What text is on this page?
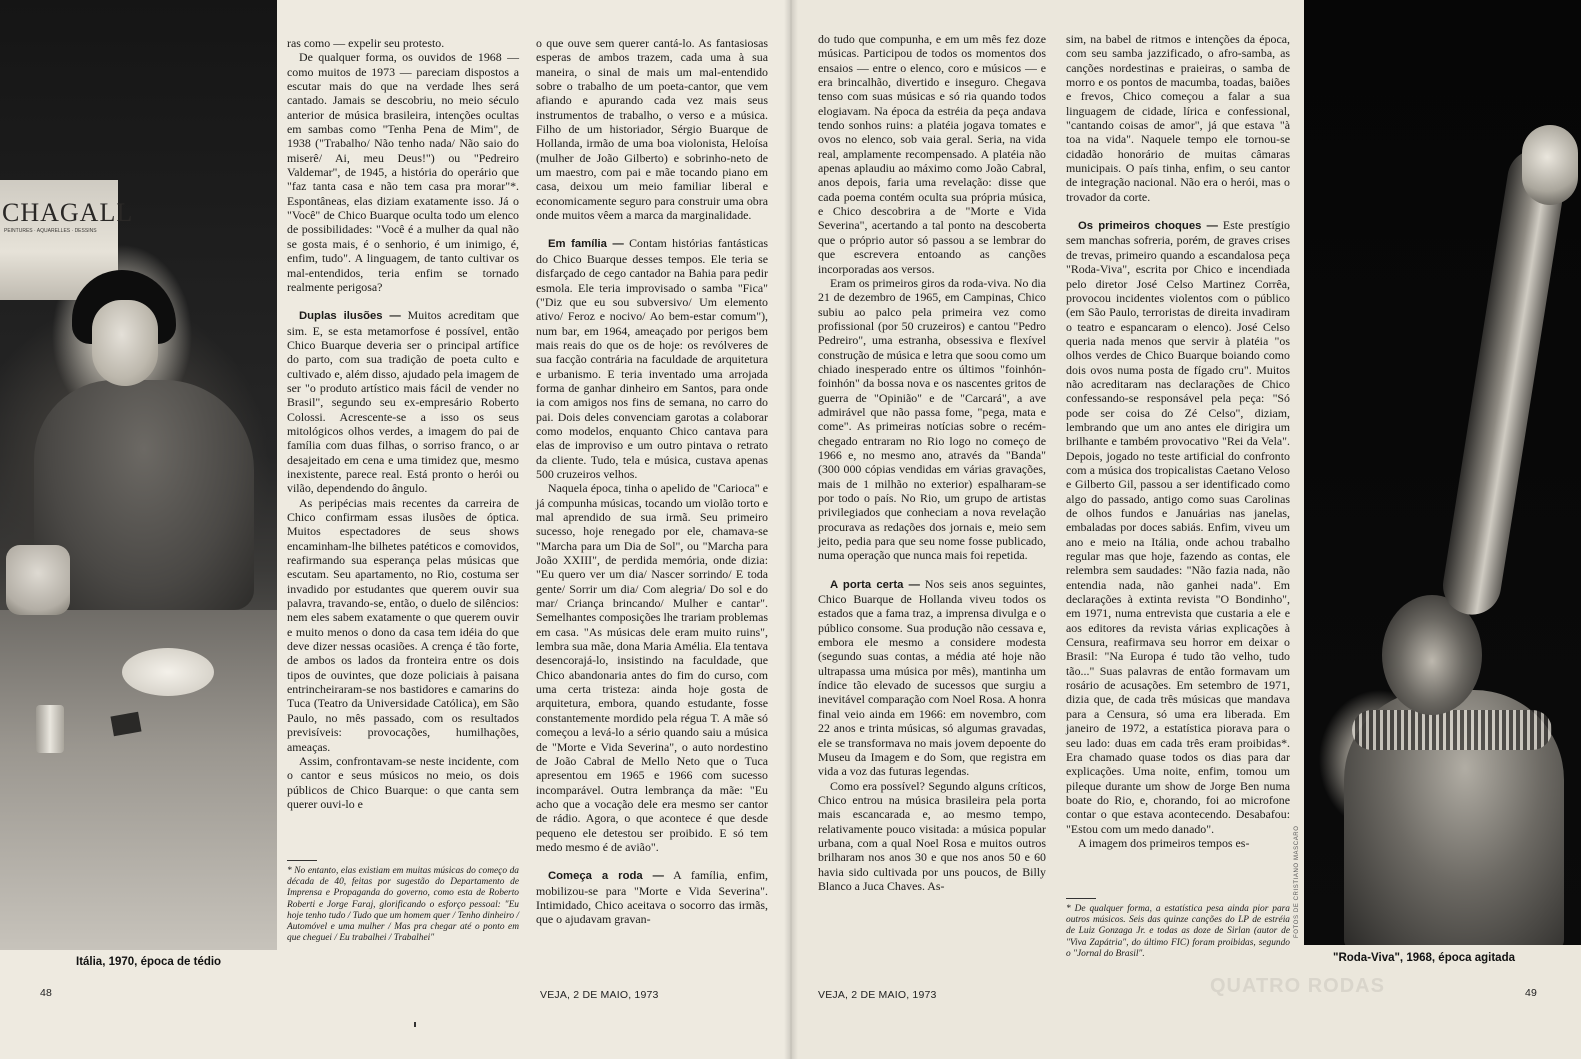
CHAGALL
PEINTURES · AQUARELLES · DESSINS
Itália, 1970, época de tédio
FOTOS DE CRISTIANO MASCARO
"Roda-Viva", 1968, época agitada

ras como — expelir seu protesto.

De qualquer forma, os ouvidos de 1968 — como muitos de 1973 — pareciam dispostos a escutar mais do que na verdade lhes será cantado. Jamais se descobriu, no meio século anterior de música brasileira, intenções ocultas em sambas como "Tenha Pena de Mim", de 1938 ("Trabalho/ Não tenho nada/ Não saio do miserê/ Ai, meu Deus!") ou "Pedreiro Valdemar", de 1945, a história do operário que "faz tanta casa e não tem casa pra morar"*. Espontâneas, elas diziam exatamente isso. Já o "Você" de Chico Buarque oculta todo um elenco de possibilidades: "Você é a mulher da qual não se gosta mais, é o senhorio, é um inimigo, é, enfim, tudo". A linguagem, de tanto cultivar os mal-entendidos, teria enfim se tornado realmente perigosa?

Duplas ilusões — Muitos acreditam que sim. E, se esta metamorfose é possível, então Chico Buarque deveria ser o principal artífice do parto, com sua tradição de poeta culto e cultivado e, além disso, ajudado pela imagem de ser "o produto artístico mais fácil de vender no Brasil", segundo seu ex-empresário Roberto Colossi. Acrescente-se a isso os seus mitológicos olhos verdes, a imagem do pai de família com duas filhas, o sorriso franco, o ar desajeitado em cena e uma timidez que, mesmo inexistente, parece real. Está pronto o herói ou vilão, dependendo do ângulo.

As peripécias mais recentes da carreira de Chico confirmam essas ilusões de óptica. Muitos espectadores de seus shows encaminham-lhe bilhetes patéticos e comovidos, reafirmando sua esperança pelas músicas que escutam. Seu apartamento, no Rio, costuma ser invadido por estudantes que querem ouvir sua palavra, travando-se, então, o duelo de silêncios: nem eles sabem exatamente o que querem ouvir e muito menos o dono da casa tem idéia do que deve dizer nessas ocasiões. A crença é tão forte, de ambos os lados da fronteira entre os dois tipos de ouvintes, que doze policiais à paisana entrincheiraram-se nos bastidores e camarins do Tuca (Teatro da Universidade Católica), em São Paulo, no mês passado, com os resultados previsíveis: provocações, humilhações, ameaças.

Assim, confrontavam-se neste incidente, com o cantor e seus músicos no meio, os dois públicos de Chico Buarque: o que canta sem querer ouvi-lo e

* No entanto, elas existiam em muitas músicas do começo da década de 40, feitas por sugestão do Departamento de Imprensa e Propaganda do governo, como esta de Roberto Roberti e Jorge Faraj, glorificando o esforço pessoal: "Eu hoje tenho tudo / Tudo que um homem quer / Tenho dinheiro / Automóvel e uma mulher / Mas pra chegar até o ponto em que cheguei / Eu trabalhei / Trabalhei"

o que ouve sem querer cantá-lo. As fantasiosas esperas de ambos trazem, cada uma à sua maneira, o sinal de mais um mal-entendido sobre o trabalho de um poeta-cantor, que vem afiando e apurando cada vez mais seus instrumentos de trabalho, o verso e a música. Filho de um historiador, Sérgio Buarque de Hollanda, irmão de uma boa violonista, Heloísa (mulher de João Gilberto) e sobrinho-neto de um maestro, com pai e mãe tocando piano em casa, deixou um meio familiar liberal e economicamente seguro para construir uma obra onde muitos vêem a marca da marginalidade.

Em família — Contam histórias fantásticas do Chico Buarque desses tempos. Ele teria se disfarçado de cego cantador na Bahia para pedir esmola. Ele teria improvisado o samba "Fica" ("Diz que eu sou subversivo/ Um elemento ativo/ Feroz e nocivo/ Ao bem-estar comum"), num bar, em 1964, ameaçado por perigos bem mais reais do que os de hoje: os revólveres de sua facção contrária na faculdade de arquitetura e urbanismo. E teria inventado uma arrojada forma de ganhar dinheiro em Santos, para onde ia com amigos nos fins de semana, no carro do pai. Dois deles convenciam garotas a colaborar como modelos, enquanto Chico cantava para elas de improviso e um outro pintava o retrato da cliente. Tudo, tela e música, custava apenas 500 cruzeiros velhos.

Naquela época, tinha o apelido de "Carioca" e já compunha músicas, tocando um violão torto e mal aprendido de sua irmã. Seu primeiro sucesso, hoje renegado por ele, chamava-se "Marcha para um Dia de Sol", ou "Marcha para João XXIII", de perdida memória, onde dizia: "Eu quero ver um dia/ Nascer sorrindo/ E toda gente/ Sorrir um dia/ Com alegria/ Do sol e do mar/ Criança brincando/ Mulher e cantar". Semelhantes composições lhe trariam problemas em casa. "As músicas dele eram muito ruins", lembra sua mãe, dona Maria Amélia. Ela tentava desencorajá-lo, insistindo na faculdade, que Chico abandonaria antes do fim do curso, com uma certa tristeza: ainda hoje gosta de arquitetura, embora, quando estudante, fosse constantemente mordido pela régua T. A mãe só começou a levá-lo a sério quando saiu a música de "Morte e Vida Severina", o auto nordestino de João Cabral de Mello Neto que o Tuca apresentou em 1965 e 1966 com sucesso incomparável. Outra lembrança da mãe: "Eu acho que a vocação dele era mesmo ser cantor de rádio. Agora, o que acontece é que desde pequeno ele detestou ser proibido. E só tem medo mesmo é de avião".

Começa a roda — A família, enfim, mobilizou-se para "Morte e Vida Severina". Intimidado, Chico aceitava o socorro das irmãs, que o ajudavam gravan-

do tudo que compunha, e em um mês fez doze músicas. Participou de todos os momentos dos ensaios — entre o elenco, coro e músicos — e era brincalhão, divertido e inseguro. Chegava tenso com suas músicas e só ria quando todos elogiavam. Na época da estréia da peça andava tendo sonhos ruins: a platéia jogava tomates e ovos no elenco, sob vaia geral. Seria, na vida real, amplamente recompensado. A platéia não apenas aplaudiu ao máximo como João Cabral, anos depois, faria uma revelação: disse que cada poema contém oculta sua própria música, e Chico descobrira a de "Morte e Vida Severina", acertando a tal ponto na descoberta que o próprio autor só passou a se lembrar do que escrevera entoando as canções incorporadas aos versos.

Eram os primeiros giros da roda-viva. No dia 21 de dezembro de 1965, em Campinas, Chico subiu ao palco pela primeira vez como profissional (por 50 cruzeiros) e cantou "Pedro Pedreiro", uma estranha, obsessiva e flexível construção de música e letra que soou como um chiado inesperado entre os últimos "foinhón-foinhón" da bossa nova e os nascentes gritos de guerra de "Opinião" e de "Carcará", a ave admirável que não passa fome, "pega, mata e come". As primeiras notícias sobre o recém-chegado entraram no Rio logo no começo de 1966 e, no mesmo ano, através da "Banda" (300 000 cópias vendidas em várias gravações, mais de 1 milhão no exterior) espalharam-se por todo o país. No Rio, um grupo de artistas privilegiados que conheciam a nova revelação procurava as redações dos jornais e, meio sem jeito, pedia para que seu nome fosse publicado, numa operação que nunca mais foi repetida.

A porta certa — Nos seis anos seguintes, Chico Buarque de Hollanda viveu todos os estados que a fama traz, a imprensa divulga e o público consome. Sua produção não cessava e, embora ele mesmo a considere modesta (segundo suas contas, a média até hoje não ultrapassa uma música por mês), mantinha um índice tão elevado de sucessos que surgiu a inevitável comparação com Noel Rosa. A honra final veio ainda em 1966: em novembro, com 22 anos e trinta músicas, só algumas gravadas, ele se transformava no mais jovem depoente do Museu da Imagem e do Som, que registra em vida a voz das futuras legendas.

Como era possível? Segundo alguns críticos, Chico entrou na música brasileira pela porta mais escancarada e, ao mesmo tempo, relativamente pouco visitada: a música popular urbana, com a qual Noel Rosa e muitos outros brilharam nos anos 30 e que nos anos 50 e 60 havia sido cultivada por uns poucos, de Billy Blanco a Juca Chaves. As-

sim, na babel de ritmos e intenções da época, com seu samba jazzificado, o afro-samba, as canções nordestinas e praieiras, o samba de morro e os pontos de macumba, toadas, baiões e frevos, Chico começou a falar a sua linguagem de cidade, lírica e confessional, "cantando coisas de amor", já que estava "à toa na vida". Naquele tempo ele tornou-se cidadão honorário de muitas câmaras municipais. O país tinha, enfim, o seu cantor de integração nacional. Não era o herói, mas o trovador da corte.

Os primeiros choques — Este prestígio sem manchas sofreria, porém, de graves crises de trevas, primeiro quando a escandalosa peça "Roda-Viva", escrita por Chico e incendiada pelo diretor José Celso Martinez Corrêa, provocou incidentes violentos com o público (em São Paulo, terroristas de direita invadiram o teatro e espancaram o elenco). José Celso queria nada menos que servir à platéia "os olhos verdes de Chico Buarque boiando como dois ovos numa posta de fígado cru". Muitos não acreditaram nas declarações de Chico confessando-se responsável pela peça: "Só pode ser coisa do Zé Celso", diziam, lembrando que um ano antes ele dirigira um brilhante e também provocativo "Rei da Vela". Depois, jogado no teste artificial do confronto com a música dos tropicalistas Caetano Veloso e Gilberto Gil, passou a ser identificado como algo do passado, antigo como suas Carolinas de olhos fundos e Januárias nas janelas, embaladas por doces sabiás. Enfim, viveu um ano e meio na Itália, onde achou trabalho regular mas que hoje, fazendo as contas, ele relembra sem saudades: "Não fazia nada, não entendia nada, não ganhei nada". Em declarações à extinta revista "O Bondinho", em 1971, numa entrevista que custaria a ele e aos editores da revista várias explicações à Censura, reafirmava seu horror em deixar o Brasil: "Na Europa é tudo tão velho, tudo tão..." Suas palavras de então formavam um rosário de acusações. Em setembro de 1971, dizia que, de cada três músicas que mandava para a Censura, só uma era liberada. Em janeiro de 1972, a estatística piorava para o seu lado: duas em cada três eram proibidas*. Era chamado quase todos os dias para dar explicações. Uma noite, enfim, tomou um pileque durante um show de Jorge Ben numa boate do Rio, e, chorando, foi ao microfone contar o que estava acontecendo. Desabafou: "Estou com um medo danado".

A imagem dos primeiros tempos es-

* De qualquer forma, a estatística pesa ainda pior para outros músicos. Seis das quinze canções do LP de estréia de Luiz Gonzaga Jr. e todas as doze de Sirlan (autor de "Viva Zapátria", do último FIC) foram proibidas, segundo o "Jornal do Brasil".
48	VEJA, 2 DE MAIO, 1973	VEJA, 2 DE MAIO, 1973	QUATRO RODAS	49
